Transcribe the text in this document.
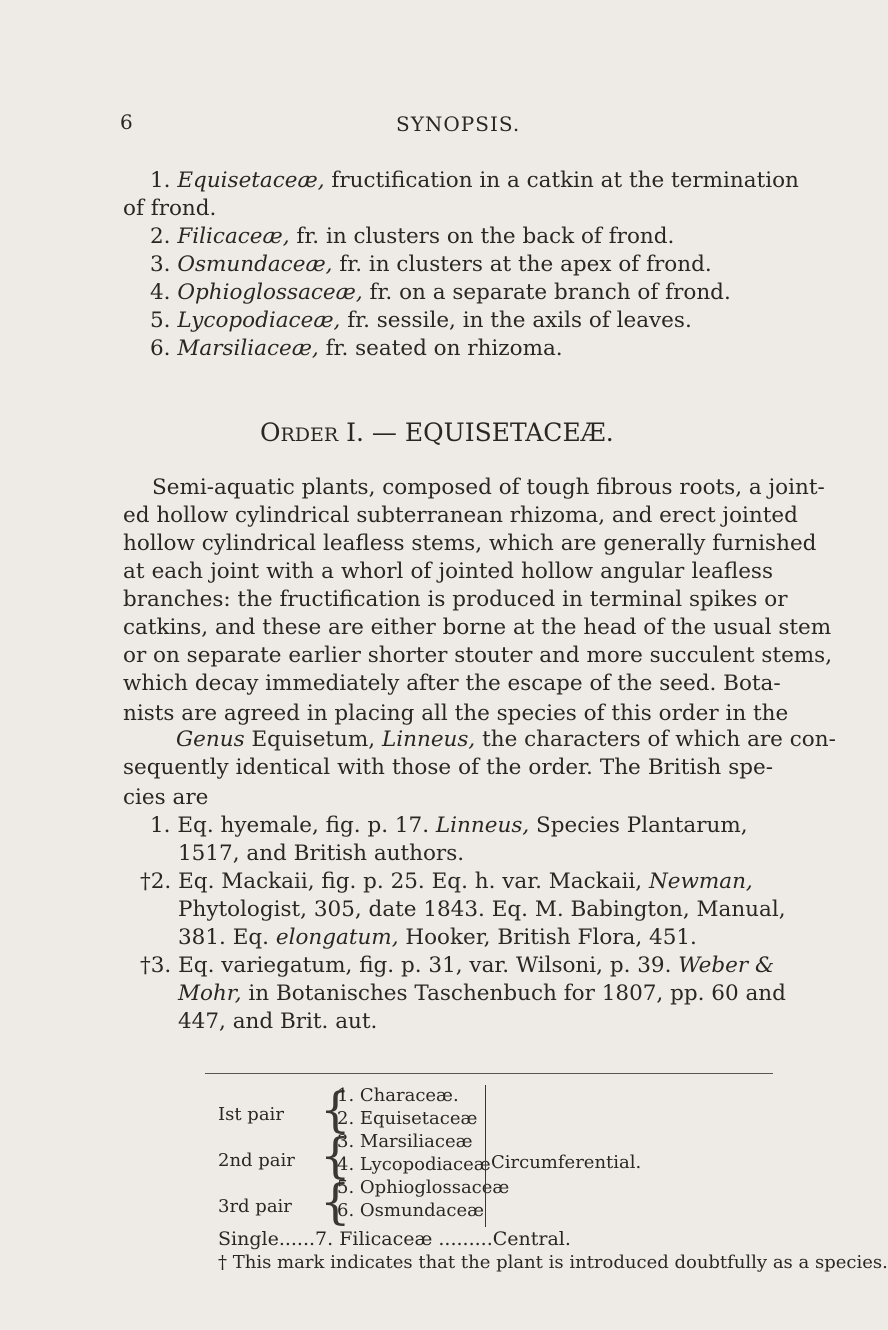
6	SYNOPSIS.
1. Equisetaceæ, fructification in a catkin at the termination
of frond.
2. Filicaceæ, fr. in clusters on the back of frond.
3. Osmundaceæ, fr. in clusters at the apex of frond.
4. Ophioglossaceæ, fr. on a separate branch of frond.
5. Lycopodiaceæ, fr. sessile, in the axils of leaves.
6. Marsiliaceæ, fr. seated on rhizoma.
ORDER I. — EQUISETACEÆ.
Semi-aquatic plants, composed of tough fibrous roots, a joint-
ed hollow cylindrical subterranean rhizoma, and erect jointed
hollow cylindrical leafless stems, which are generally furnished
at each joint with a whorl of jointed hollow angular leafless
branches: the fructification is produced in terminal spikes or
catkins, and these are either borne at the head of the usual stem
or on separate earlier shorter stouter and more succulent stems,
which decay immediately after the escape of the seed. Bota-
nists are agreed in placing all the species of this order in the
Genus Equisetum, Linneus, the characters of which are con-
sequently identical with those of the order. The British spe-
cies are
1. Eq. hyemale, fig. p. 17. Linneus, Species Plantarum,
1517, and British authors.
†2. Eq. Mackaii, fig. p. 25. Eq. h. var. Mackaii, Newman,
Phytologist, 305, date 1843. Eq. M. Babington, Manual,
381. Eq. elongatum, Hooker, British Flora, 451.
†3. Eq. variegatum, fig. p. 31, var. Wilsoni, p. 39. Weber &
Mohr, in Botanisches Taschenbuch for 1807, pp. 60 and
447, and Brit. aut.
Ist pair
2nd pair
3rd pair
{
{
{
1. Characeæ.
2. Equisetaceæ
3. Marsiliaceæ
4. Lycopodiaceæ
5. Ophioglossaceæ
6. Osmundaceæ
Circumferential.
Single......7. Filicaceæ .........Central.
† This mark indicates that the plant is introduced doubtfully as a species.
